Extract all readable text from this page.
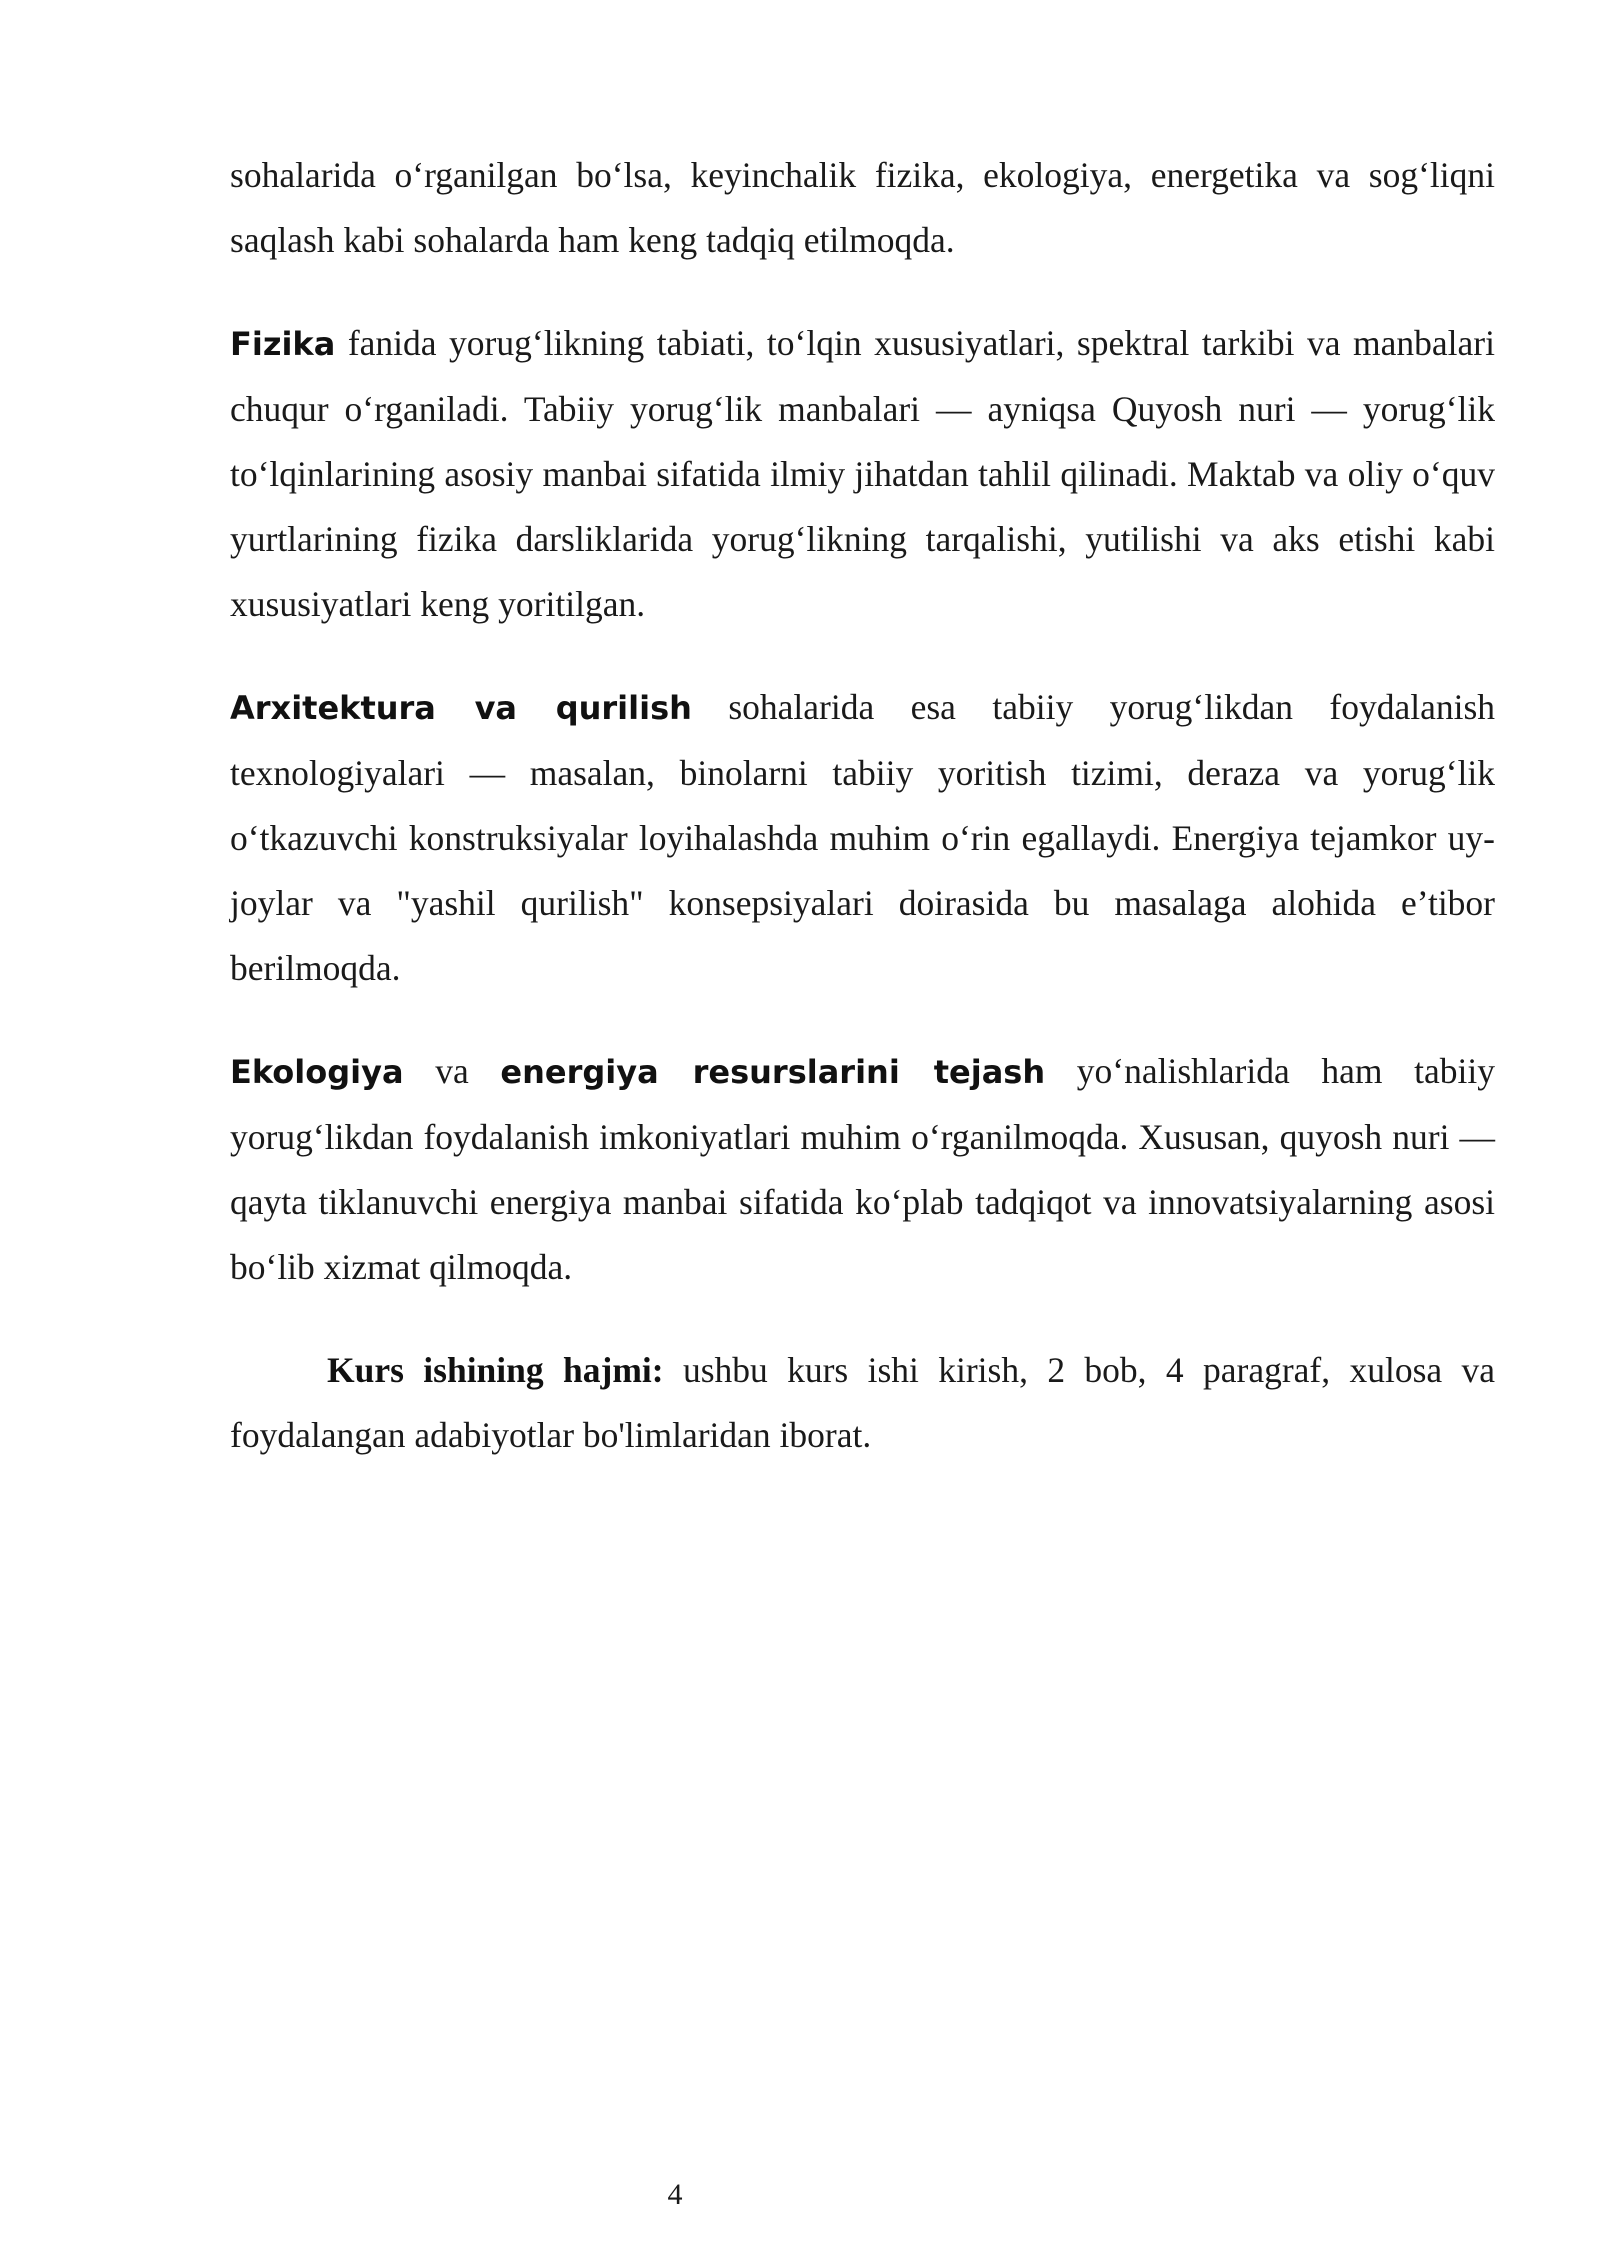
sohalarida o‘rganilgan bo‘lsa, keyinchalik fizika, ekologiya, energetika va sog‘liqni saqlash kabi sohalarda ham keng tadqiq etilmoqda.

Fizika fanida yorug‘likning tabiati, to‘lqin xususiyatlari, spektral tarkibi va manbalari chuqur o‘rganiladi. Tabiiy yorug‘lik manbalari — ayniqsa Quyosh nuri — yorug‘lik to‘lqinlarining asosiy manbai sifatida ilmiy jihatdan tahlil qilinadi. Maktab va oliy o‘quv yurtlarining fizika darsliklarida yorug‘likning tarqalishi, yutilishi va aks etishi kabi xususiyatlari keng yoritilgan.

Arxitektura va qurilish sohalarida esa tabiiy yorug‘likdan foydalanish texnologiyalari — masalan, binolarni tabiiy yoritish tizimi, deraza va yorug‘lik o‘tkazuvchi konstruksiyalar loyihalashda muhim o‘rin egallaydi. Energiya tejamkor uy-joylar va "yashil qurilish" konsepsiyalari doirasida bu masalaga alohida e’tibor berilmoqda.

Ekologiya va energiya resurslarini tejash yo‘nalishlarida ham tabiiy yorug‘likdan foydalanish imkoniyatlari muhim o‘rganilmoqda. Xususan, quyosh nuri — qayta tiklanuvchi energiya manbai sifatida ko‘plab tadqiqot va innovatsiyalarning asosi bo‘lib xizmat qilmoqda.

Kurs ishining hajmi: ushbu kurs ishi kirish, 2 bob, 4 paragraf, xulosa va foydalangan adabiyotlar bo'limlaridan iborat.

4
